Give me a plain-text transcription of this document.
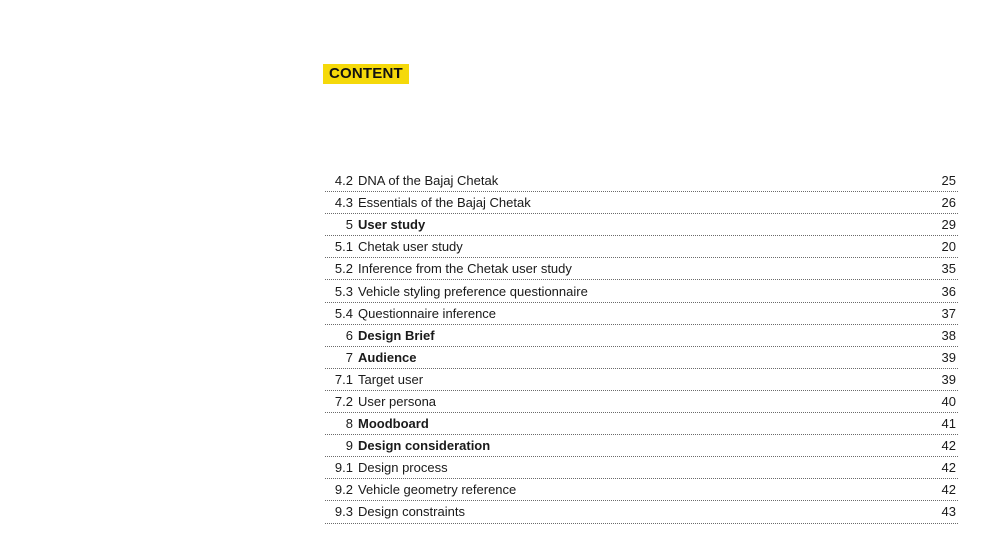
CONTENT
4.2 DNA of the Bajaj Chetak	25
4.3 Essentials of the Bajaj Chetak	26
5 User study	29
5.1 Chetak user study	20
5.2 Inference from the Chetak user study	35
5.3 Vehicle styling preference questionnaire	36
5.4 Questionnaire inference	37
6 Design Brief	38
7 Audience	39
7.1 Target user	39
7.2 User persona	40
8 Moodboard	41
9 Design consideration	42
9.1 Design process	42
9.2 Vehicle geometry reference	42
9.3 Design constraints	43
